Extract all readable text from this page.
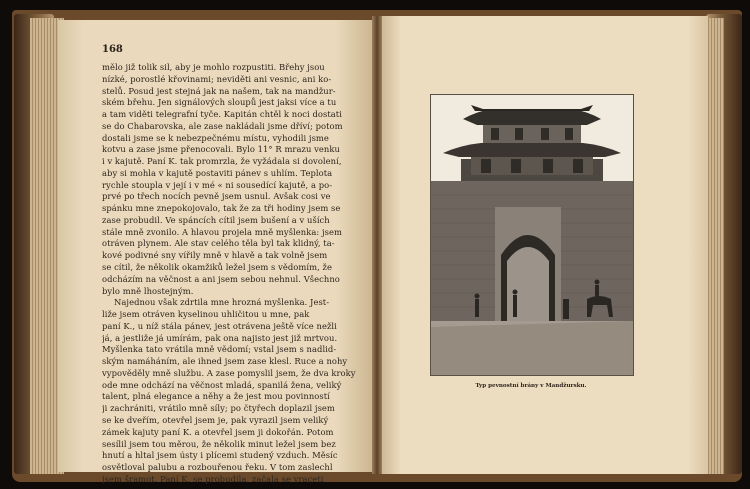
168

mělo již tolik sil, aby je mohlo rozpustiti. Břehy jsou
nízké, porostlé křovinami; neviděti ani vesnic, ani ko-
stelů. Posud jest stejná jak na našem, tak na mandžur-
ském břehu. Jen signálových sloupů jest jaksi více a tu
a tam viděti telegrafní tyče. Kapitán chtěl k noci dostati
se do Chabarovska, ale zase nakládali jsme dříví; potom
dostali jsme se k nebezpečnému místu, vyhodili jsme
kotvu a zase jsme přenocovali. Bylo 11° R mrazu venku
i v kajutě. Paní K. tak promrzla, že vyžádala si dovolení,
aby si mohla v kajutě postaviti pánev s uhlím. Teplota
rychle stoupla v její i v mé « ni sousedící kajutě, a po-
prvé po třech nocích pevně jsem usnul. Avšak cosi ve
spánku mne znepokojovalo, tak že za tři hodiny jsem se
zase probudil. Ve spáncích cítil jsem bušení a v uších
stále mně zvonilo. A hlavou projela mně myšlenka: jsem
otráven plynem. Ale stav celého těla byl tak klidný, ta-
kové podivné sny vířily mně v hlavě a tak volně jsem
se cítil, že několik okamžiků ležel jsem s vědomím, že
odcházím na věčnost a ani jsem sebou nehnul. Všechno
bylo mně lhostejným.
Najednou však zdrtila mne hrozná myšlenka. Jest-
liže jsem otráven kyselinou uhličitou u mne, pak
paní K., u níž stála pánev, jest otrávena ještě více nežli
já, a jestliže já umírám, pak ona najisto jest již mrtvou.
Myšlenka tato vrátila mně vědomí; vstal jsem s nadlid-
ským namáháním, ale ihned jsem zase klesl. Ruce a nohy
vypověděly mně službu. A zase pomyslil jsem, že dva kroky
ode mne odchází na věčnost mladá, spanilá žena, veliký
talent, plná elegance a něhy a že jest mou povinností
ji zachrániti, vrátilo mně síly; po čtyřech doplazil jsem
se ke dveřím, otevřel jsem je, pak vyrazil jsem veliký
zámek kajuty paní K. a otevřel jsem ji dokořán. Potom
sesílil jsem tou měrou, že několik minut ležel jsem bez
hnutí a hltal jsem ústy i plícemi studený vzduch. Měsíc
osvětloval palubu a rozbouřenou řeku. V tom zaslechl
jsem šramot. Paní K. se probudila, začala se vraceti

Typ pevnostní brány v Mandžursku.
